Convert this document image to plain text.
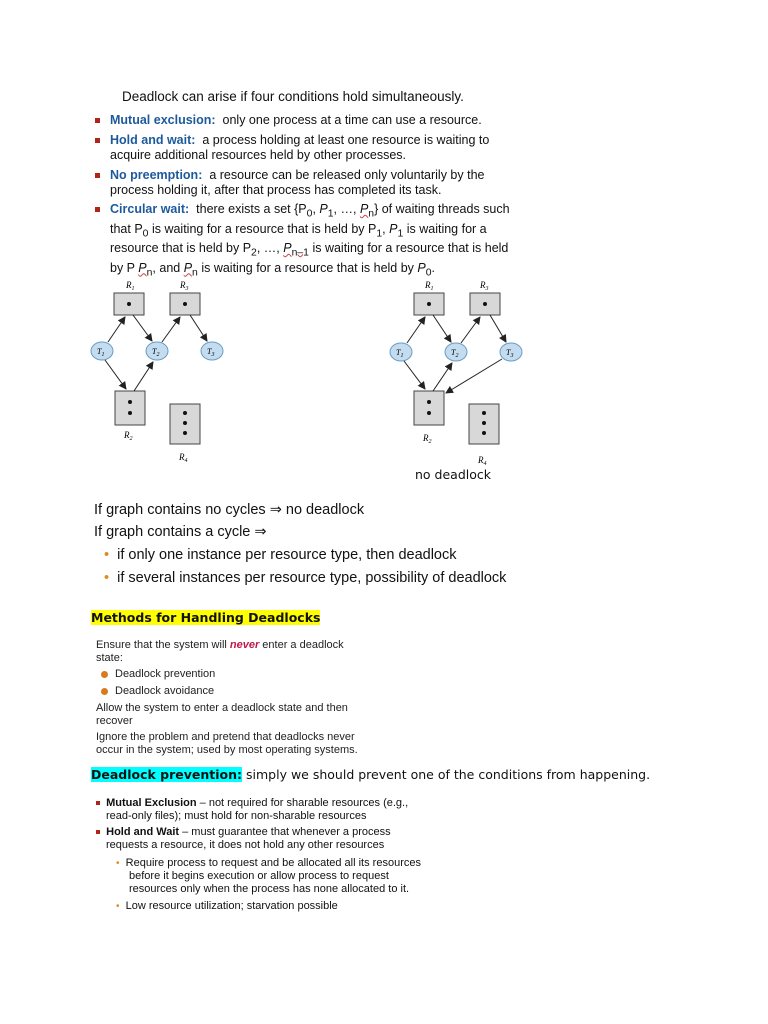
Deadlock can arise if four conditions hold simultaneously.
Mutual exclusion: only one process at a time can use a resource.
Hold and wait: a process holding at least one resource is waiting to acquire additional resources held by other processes.
No preemption: a resource can be released only voluntarily by the process holding it, after that process has completed its task.
Circular wait: there exists a set {$P_0$, $P_1$, …, $P_n$} of waiting threads such that $P_0$ is waiting for a resource that is held by $P_1$, $P_1$ is waiting for a resource that is held by $P_2$, …, $P_{n-1}$ is waiting for a resource that is held by P $P_n$, and $P_n$ is waiting for a resource that is held by $P_0$.
$R_1$	$R_3$
$R_2$
$R_4$
$T_1$	$T_2$	$T_3$
$R_1$	$R_3$
$R_2$
$R_4$
$T_1$	$T_2$	$T_3$
no deadlock
If graph contains no cycles ⇒ no deadlock
If graph contains a cycle ⇒
• if only one instance per resource type, then deadlock
• if several instances per resource type, possibility of deadlock
Methods for Handling Deadlocks
Ensure that the system will never enter a deadlock
state:
Deadlock prevention
Deadlock avoidance
Allow the system to enter a deadlock state and then
recover
Ignore the problem and pretend that deadlocks never
occur in the system; used by most operating systems.
Deadlock prevention: simply we should prevent one of the conditions from happening.
Mutual Exclusion – not required for sharable resources (e.g.,
read-only files); must hold for non-sharable resources
Hold and Wait – must guarantee that whenever a process
requests a resource, it does not hold any other resources
• Require process to request and be allocated all its resources
before it begins execution or allow process to request
resources only when the process has none allocated to it.
• Low resource utilization; starvation possible
